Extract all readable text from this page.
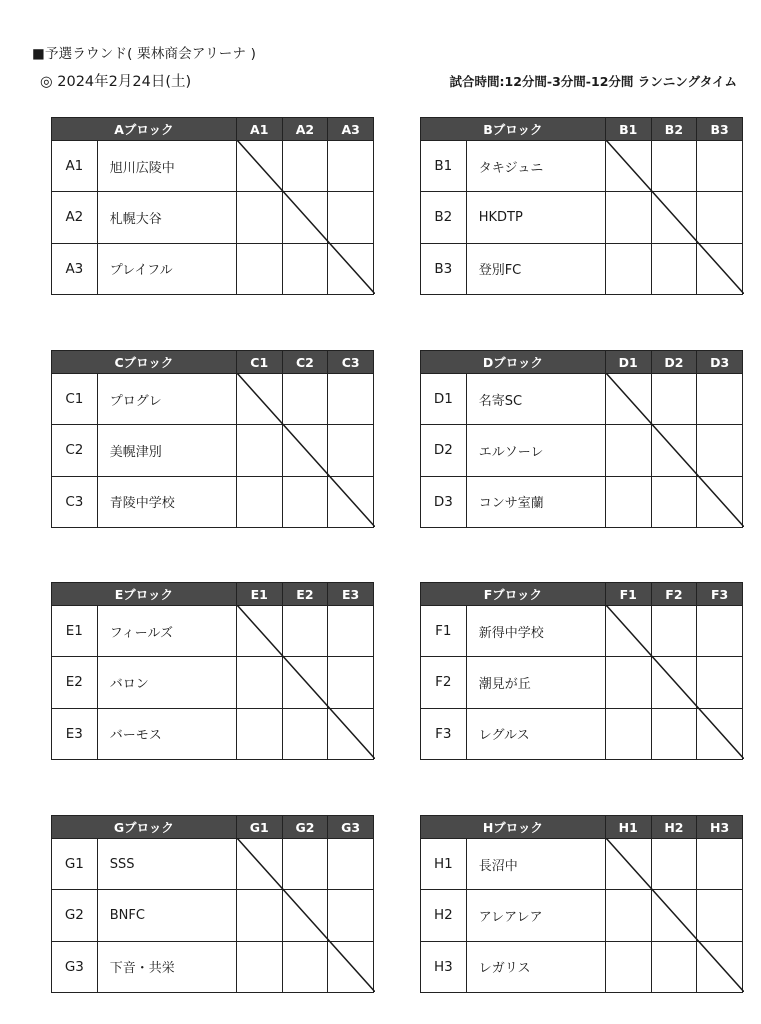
■予選ラウンド( 栗林商会アリーナ )
◎ 2024年2月24日(土)	試合時間:12分間-3分間-12分間 ランニングタイム
Aブロック	A1	A2	A3
A1	旭川広陵中
A2	札幌大谷
A3	プレイフル
Bブロック	B1	B2	B3
B1	タキジュニ
B2	HKDTP
B3	登別FC
Cブロック	C1	C2	C3
C1	プログレ
C2	美幌津別
C3	青陵中学校
Dブロック	D1	D2	D3
D1	名寄SC
D2	エルソーレ
D3	コンサ室蘭
Eブロック	E1	E2	E3
E1	フィールズ
E2	バロン
E3	バーモス
Fブロック	F1	F2	F3
F1	新得中学校
F2	潮見が丘
F3	レグルス
Gブロック	G1	G2	G3
G1	SSS
G2	BNFC
G3	下音・共栄
Hブロック	H1	H2	H3
H1	長沼中
H2	アレアレア
H3	レガリス
